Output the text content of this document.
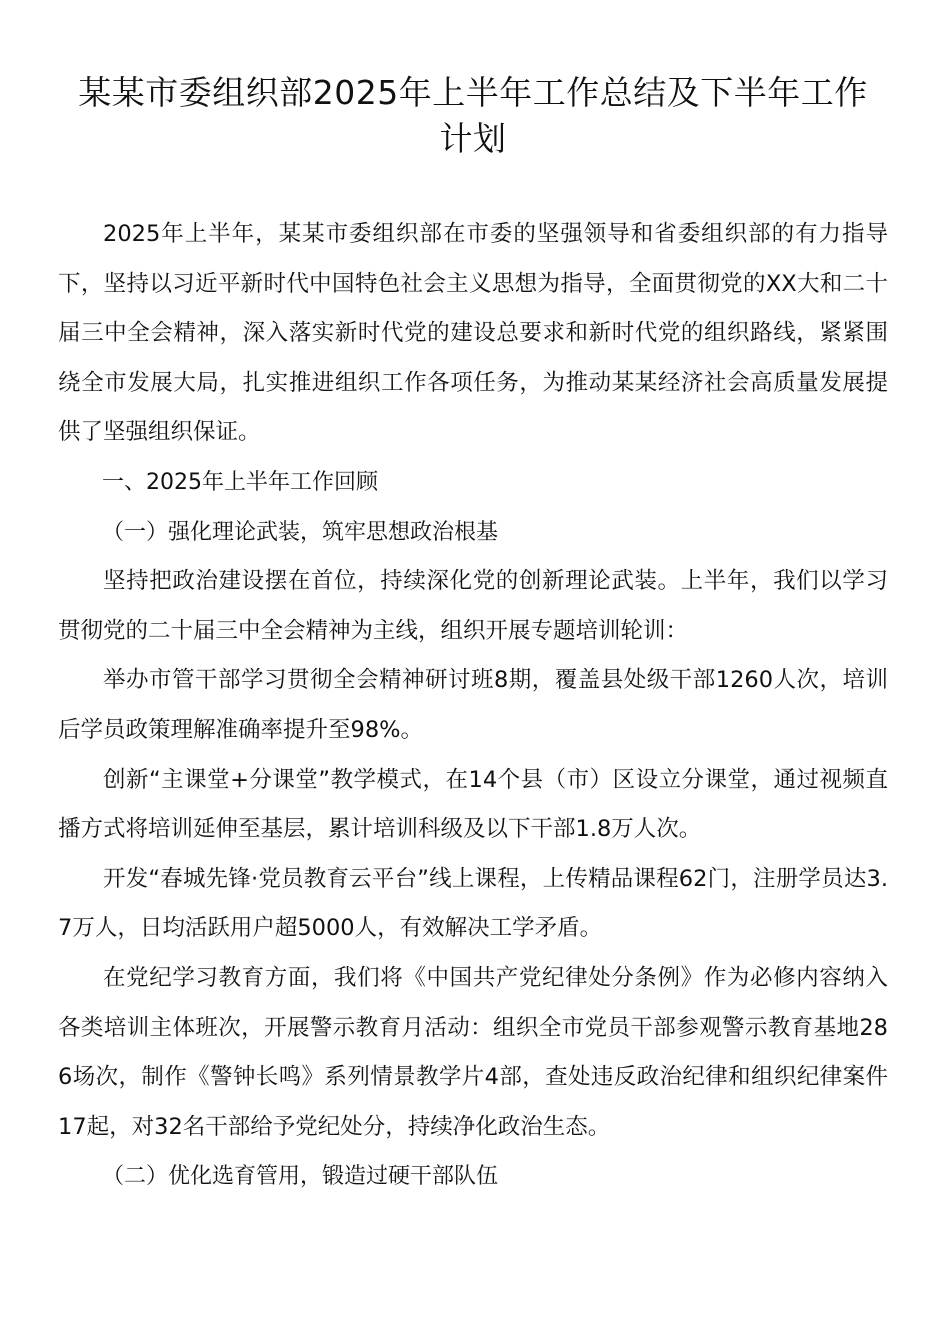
某某市委组织部2025年上半年工作总结及下半年工作计划

2025年上半年，某某市委组织部在市委的坚强领导和省委组织部的有力指导下，坚持以习近平新时代中国特色社会主义思想为指导，全面贯彻党的XX大和二十届三中全会精神，深入落实新时代党的建设总要求和新时代党的组织路线，紧紧围绕全市发展大局，扎实推进组织工作各项任务，为推动某某经济社会高质量发展提供了坚强组织保证。

一、2025年上半年工作回顾

（一）强化理论武装，筑牢思想政治根基

坚持把政治建设摆在首位，持续深化党的创新理论武装。上半年，我们以学习贯彻党的二十届三中全会精神为主线，组织开展专题培训轮训：

举办市管干部学习贯彻全会精神研讨班8期，覆盖县处级干部1260人次，培训后学员政策理解准确率提升至98%。

创新“主课堂+分课堂”教学模式，在14个县（市）区设立分课堂，通过视频直播方式将培训延伸至基层，累计培训科级及以下干部1.8万人次。

开发“春城先锋·党员教育云平台”线上课程，上传精品课程62门，注册学员达3.7万人，日均活跃用户超5000人，有效解决工学矛盾。

在党纪学习教育方面，我们将《中国共产党纪律处分条例》作为必修内容纳入各类培训主体班次，开展警示教育月活动：组织全市党员干部参观警示教育基地286场次，制作《警钟长鸣》系列情景教学片4部，查处违反政治纪律和组织纪律案件17起，对32名干部给予党纪处分，持续净化政治生态。

（二）优化选育管用，锻造过硬干部队伍
